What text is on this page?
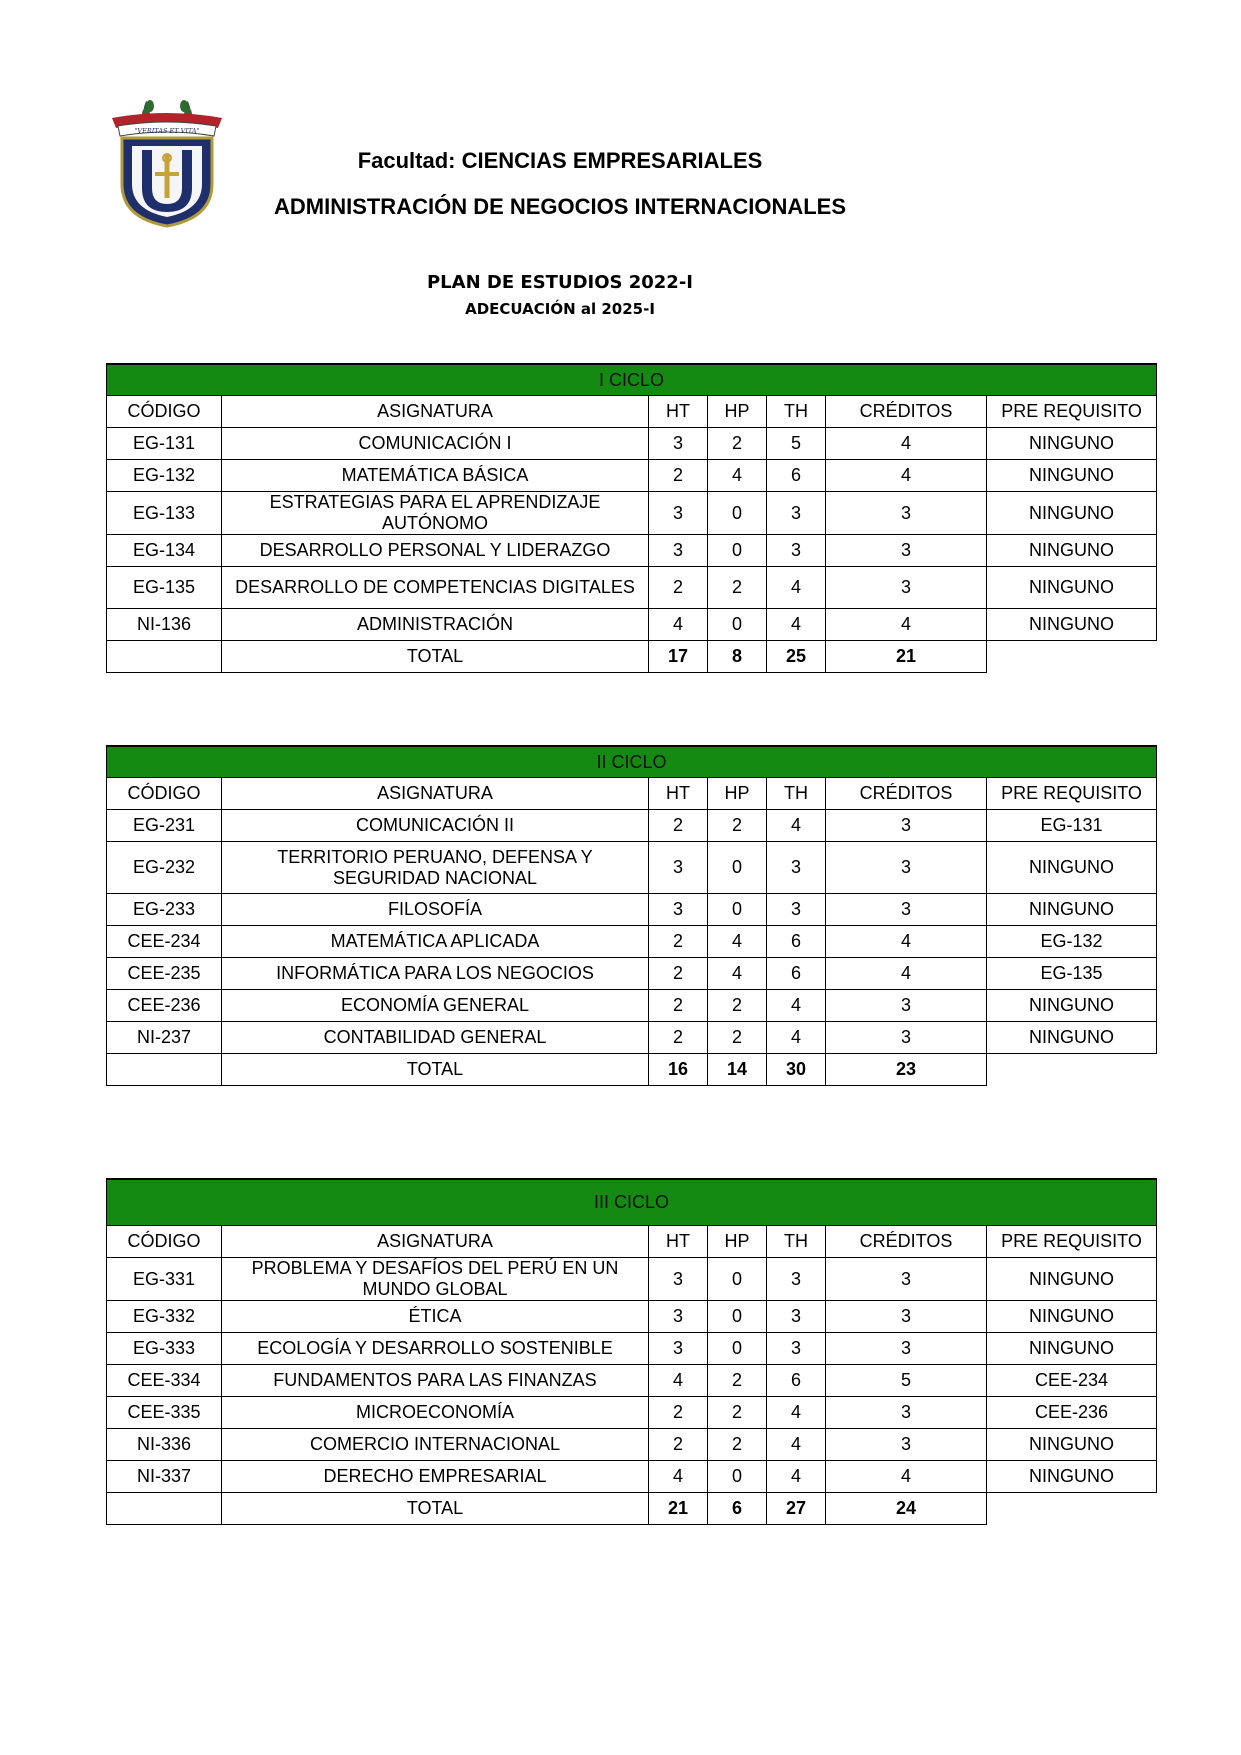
"VERITAS ET VITA"
Facultad: CIENCIAS EMPRESARIALES
ADMINISTRACIÓN DE NEGOCIOS INTERNACIONALES
PLAN DE ESTUDIOS 2022-I
ADECUACIÓN al 2025-I
I CICLO						
CÓDIGO	ASIGNATURA	HT	HP	TH	CRÉDITOS	PRE REQUISITO
EG-131	COMUNICACIÓN I	3	2	5	4	NINGUNO
EG-132	MATEMÁTICA BÁSICA	2	4	6	4	NINGUNO
EG-133	ESTRATEGIAS PARA EL APRENDIZAJE AUTÓNOMO	3	0	3	3	NINGUNO
EG-134	DESARROLLO PERSONAL Y LIDERAZGO	3	0	3	3	NINGUNO
EG-135	DESARROLLO DE COMPETENCIAS DIGITALES	2	2	4	3	NINGUNO
NI-136	ADMINISTRACIÓN	4	0	4	4	NINGUNO
	TOTAL	17	8	25	21	
II CICLO						
CÓDIGO	ASIGNATURA	HT	HP	TH	CRÉDITOS	PRE REQUISITO
EG-231	COMUNICACIÓN II	2	2	4	3	EG-131
EG-232	TERRITORIO PERUANO, DEFENSA Y SEGURIDAD NACIONAL	3	0	3	3	NINGUNO
EG-233	FILOSOFÍA	3	0	3	3	NINGUNO
CEE-234	MATEMÁTICA APLICADA	2	4	6	4	EG-132
CEE-235	INFORMÁTICA PARA LOS NEGOCIOS	2	4	6	4	EG-135
CEE-236	ECONOMÍA GENERAL	2	2	4	3	NINGUNO
NI-237	CONTABILIDAD GENERAL	2	2	4	3	NINGUNO
	TOTAL	16	14	30	23	
III CICLO						
CÓDIGO	ASIGNATURA	HT	HP	TH	CRÉDITOS	PRE REQUISITO
EG-331	PROBLEMA Y DESAFÍOS DEL PERÚ EN UN MUNDO GLOBAL	3	0	3	3	NINGUNO
EG-332	ÉTICA	3	0	3	3	NINGUNO
EG-333	ECOLOGÍA Y DESARROLLO SOSTENIBLE	3	0	3	3	NINGUNO
CEE-334	FUNDAMENTOS PARA LAS FINANZAS	4	2	6	5	CEE-234
CEE-335	MICROECONOMÍA	2	2	4	3	CEE-236
NI-336	COMERCIO INTERNACIONAL	2	2	4	3	NINGUNO
NI-337	DERECHO EMPRESARIAL	4	0	4	4	NINGUNO
	TOTAL	21	6	27	24	
